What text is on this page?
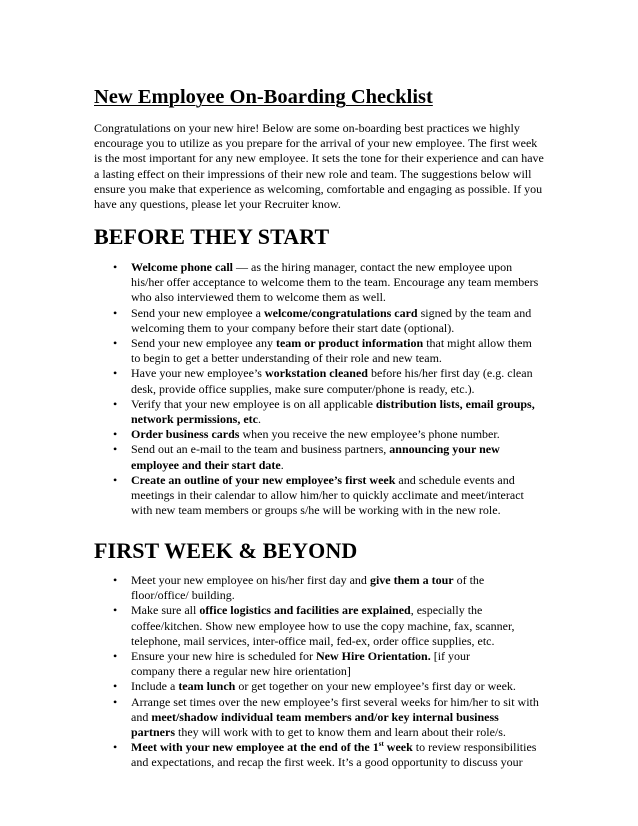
New Employee On-Boarding Checklist

Congratulations on your new hire! Below are some on-boarding best practices we highly
encourage you to utilize as you prepare for the arrival of your new employee. The first week
is the most important for any new employee. It sets the tone for their experience and can have
a lasting effect on their impressions of their new role and team. The suggestions below will
ensure you make that experience as welcoming, comfortable and engaging as possible. If you
have any questions, please let your Recruiter know.

BEFORE THEY START
• Welcome phone call — as the hiring manager, contact the new employee upon
his/her offer acceptance to welcome them to the team. Encourage any team members
who also interviewed them to welcome them as well.
• Send your new employee a welcome/congratulations card signed by the team and
welcoming them to your company before their start date (optional).
• Send your new employee any team or product information that might allow them
to begin to get a better understanding of their role and new team.
• Have your new employee’s workstation cleaned before his/her first day (e.g. clean
desk, provide office supplies, make sure computer/phone is ready, etc.).
• Verify that your new employee is on all applicable distribution lists, email groups,
network permissions, etc.
• Order business cards when you receive the new employee’s phone number.
• Send out an e-mail to the team and business partners, announcing your new
employee and their start date.
• Create an outline of your new employee’s first week and schedule events and
meetings in their calendar to allow him/her to quickly acclimate and meet/interact
with new team members or groups s/he will be working with in the new role.
FIRST WEEK & BEYOND
• Meet your new employee on his/her first day and give them a tour of the
floor/office/ building.
• Make sure all office logistics and facilities are explained, especially the
coffee/kitchen. Show new employee how to use the copy machine, fax, scanner,
telephone, mail services, inter-office mail, fed-ex, order office supplies, etc.
• Ensure your new hire is scheduled for New Hire Orientation. [if your
company there a regular new hire orientation]
• Include a team lunch or get together on your new employee’s first day or week.
• Arrange set times over the new employee’s first several weeks for him/her to sit with
and meet/shadow individual team members and/or key internal business
partners they will work with to get to know them and learn about their role/s.
• Meet with your new employee at the end of the 1st week to review responsibilities
and expectations, and recap the first week. It’s a good opportunity to discuss your
